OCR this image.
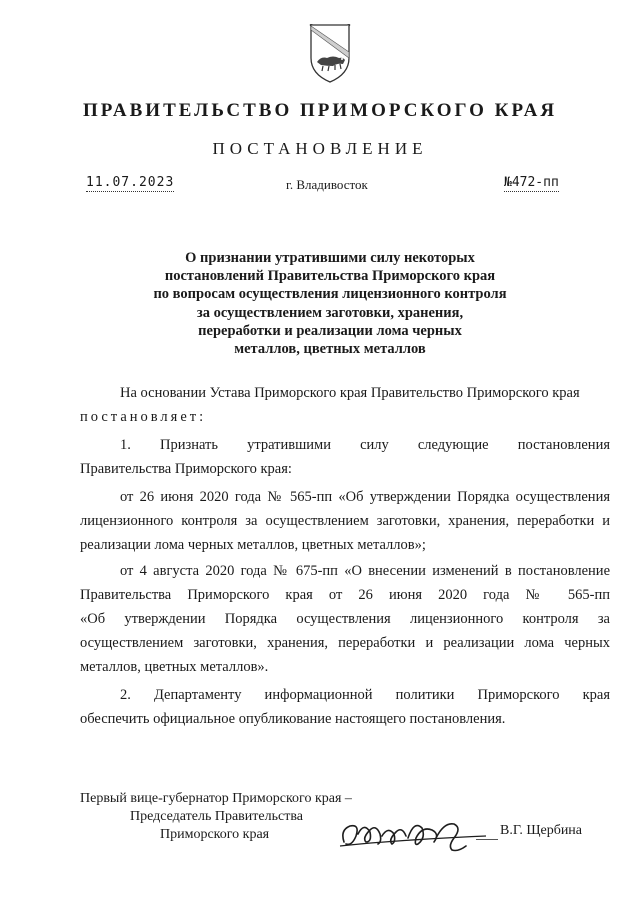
ПРАВИТЕЛЬСТВО ПРИМОРСКОГО КРАЯ
ПОСТАНОВЛЕНИЕ
11.07.2023	г. Владивосток	№472-пп
О признании утратившими силу некоторых
постановлений Правительства Приморского края
по вопросам осуществления лицензионного контроля
за осуществлением заготовки, хранения,
переработки и реализации лома черных
металлов, цветных металлов
На основании Устава Приморского края Правительство Приморского края
постановляет:
1. Признать утратившими силу следующие постановления
Правительства Приморского края:
от 26 июня 2020 года № 565-пп «Об утверждении Порядка осуществления
лицензионного контроля за осуществлением заготовки, хранения, переработки и
реализации лома черных металлов, цветных металлов»;
от 4 августа 2020 года № 675-пп «О внесении изменений в постановление
Правительства Приморского края от 26 июня 2020 года № 565-пп
«Об утверждении Порядка осуществления лицензионного контроля за
осуществлением заготовки, хранения, переработки и реализации лома черных
металлов, цветных металлов».
2. Департаменту информационной политики Приморского края
обеспечить официальное опубликование настоящего постановления.
Первый вице-губернатор Приморского края –
Председатель Правительства
Приморского края	В.Г. Щербина
